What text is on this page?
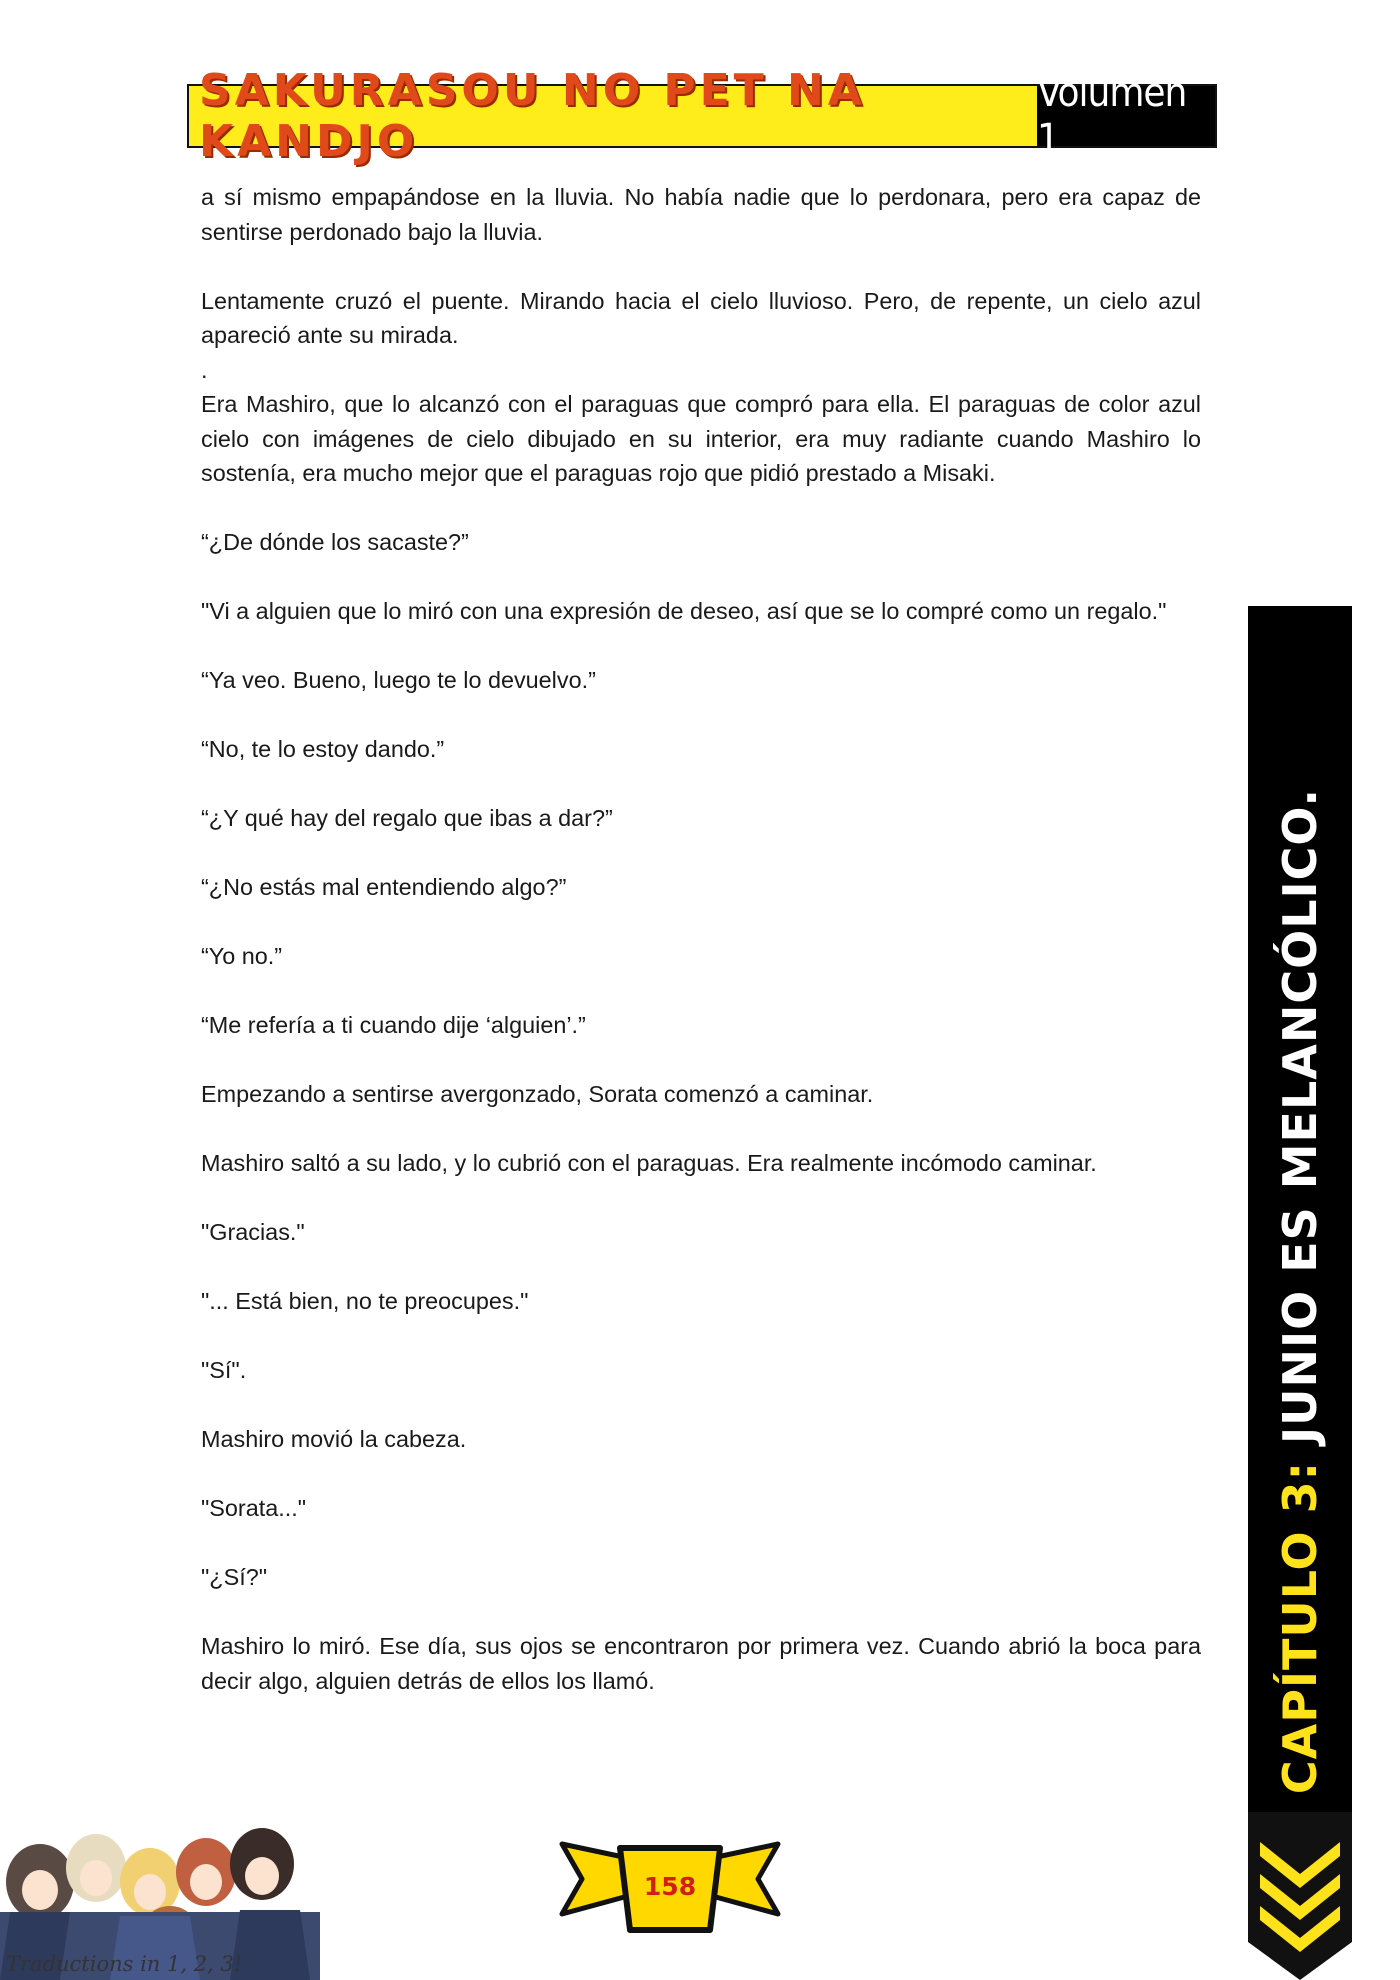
SAKURASOU NO PET NA KANDJO
Volumen 1

a sí mismo empapándose en la lluvia. No había nadie que lo perdonara, pero era capaz de sentirse perdonado bajo la lluvia.

Lentamente cruzó el puente. Mirando hacia el cielo lluvioso. Pero, de repente, un cielo azul apareció ante su mirada.

.

Era Mashiro, que lo alcanzó con el paraguas que compró para ella. El paraguas de color azul cielo con imágenes de cielo dibujado en su interior, era muy radiante cuando Mashiro lo sostenía, era mucho mejor que el paraguas rojo que pidió prestado a Misaki.

“¿De dónde los sacaste?”

"Vi a alguien que lo miró con una expresión de deseo, así que se lo compré como un regalo."

“Ya veo. Bueno, luego te lo devuelvo.”

“No, te lo estoy dando.”

“¿Y qué hay del regalo que ibas a dar?”

“¿No estás mal entendiendo algo?”

“Yo no.”

“Me refería a ti cuando dije ‘alguien’.”

Empezando a sentirse avergonzado, Sorata comenzó a caminar.

Mashiro saltó a su lado, y lo cubrió con el paraguas. Era realmente incómodo caminar.

"Gracias."

"... Está bien, no te preocupes."

"Sí".

Mashiro movió la cabeza.

"Sorata..."

"¿Sí?"

Mashiro lo miró. Ese día, sus ojos se encontraron por primera vez. Cuando abrió la boca para decir algo, alguien detrás de ellos los llamó.	CAPÍTULO 3: JUNIO ES MELANCÓLICO.
158
Traductions in 1, 2, 3!
